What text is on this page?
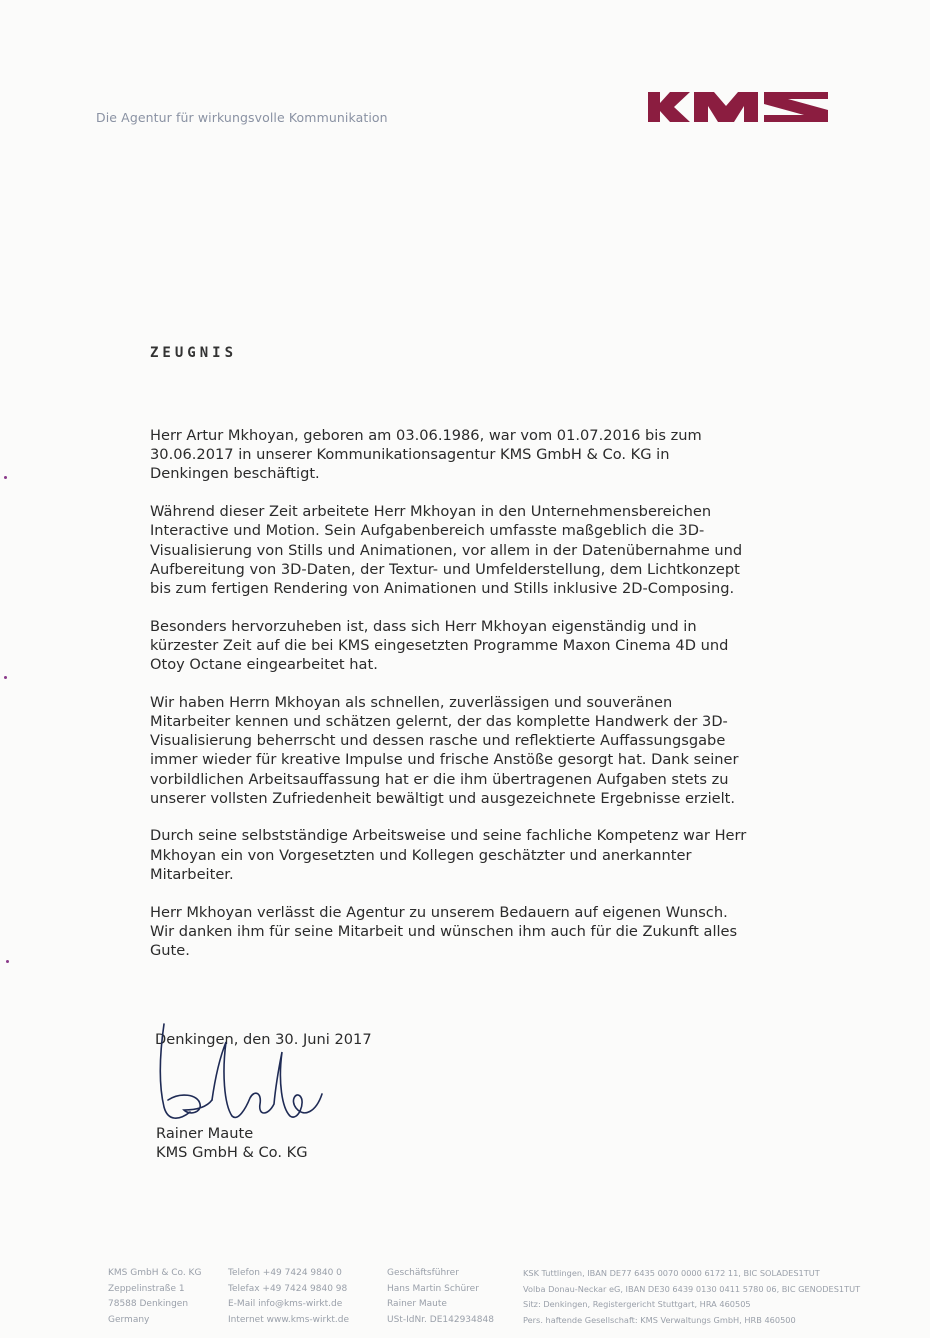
Die Agentur für wirkungsvolle Kommunikation
ZEUGNIS

Herr Artur Mkhoyan, geboren am 03.06.1986, war vom 01.07.2016 bis zum 30.06.2017 in unserer Kommunikationsagentur KMS GmbH & Co. KG in Denkingen beschäftigt.

Während dieser Zeit arbeitete Herr Mkhoyan in den Unternehmensbereichen Interactive und Motion. Sein Aufgabenbereich umfasste maßgeblich die 3D-Visualisierung von Stills und Animationen, vor allem in der Datenübernahme und Aufbereitung von 3D-Daten, der Textur- und Umfelderstellung, dem Lichtkonzept bis zum fertigen Rendering von Animationen und Stills inklusive 2D-Composing.

Besonders hervorzuheben ist, dass sich Herr Mkhoyan eigenständig und in kürzester Zeit auf die bei KMS eingesetzten Programme Maxon Cinema 4D und Otoy Octane eingearbeitet hat.

Wir haben Herrn Mkhoyan als schnellen, zuverlässigen und souveränen Mitarbeiter kennen und schätzen gelernt, der das komplette Handwerk der 3D-Visualisierung beherrscht und dessen rasche und reflektierte Auffassungsgabe immer wieder für kreative Impulse und frische Anstöße gesorgt hat. Dank seiner vorbildlichen Arbeitsauffassung hat er die ihm übertragenen Aufgaben stets zu unserer vollsten Zufriedenheit bewältigt und ausgezeichnete Ergebnisse erzielt.

Durch seine selbstständige Arbeitsweise und seine fachliche Kompetenz war Herr Mkhoyan ein von Vorgesetzten und Kollegen geschätzter und anerkannter Mitarbeiter.

Herr Mkhoyan verlässt die Agentur zu unserem Bedauern auf eigenen Wunsch. Wir danken ihm für seine Mitarbeit und wünschen ihm auch für die Zukunft alles Gute.

Denkingen, den 30. Juni 2017
Rainer Maute
KMS GmbH & Co. KG
KMS GmbH & Co. KG
Zeppelinstraße 1
78588 Denkingen
Germany
Telefon +49 7424 9840 0
Telefax +49 7424 9840 98
E-Mail info@kms-wirkt.de
Internet www.kms-wirkt.de
Geschäftsführer
Hans Martin Schürer
Rainer Maute
USt-IdNr. DE142934848
KSK Tuttlingen, IBAN DE77 6435 0070 0000 6172 11, BIC SOLADES1TUT
Volba Donau-Neckar eG, IBAN DE30 6439 0130 0411 5780 06, BIC GENODES1TUT
Sitz: Denkingen, Registergericht Stuttgart, HRA 460505
Pers. haftende Gesellschaft: KMS Verwaltungs GmbH, HRB 460500
